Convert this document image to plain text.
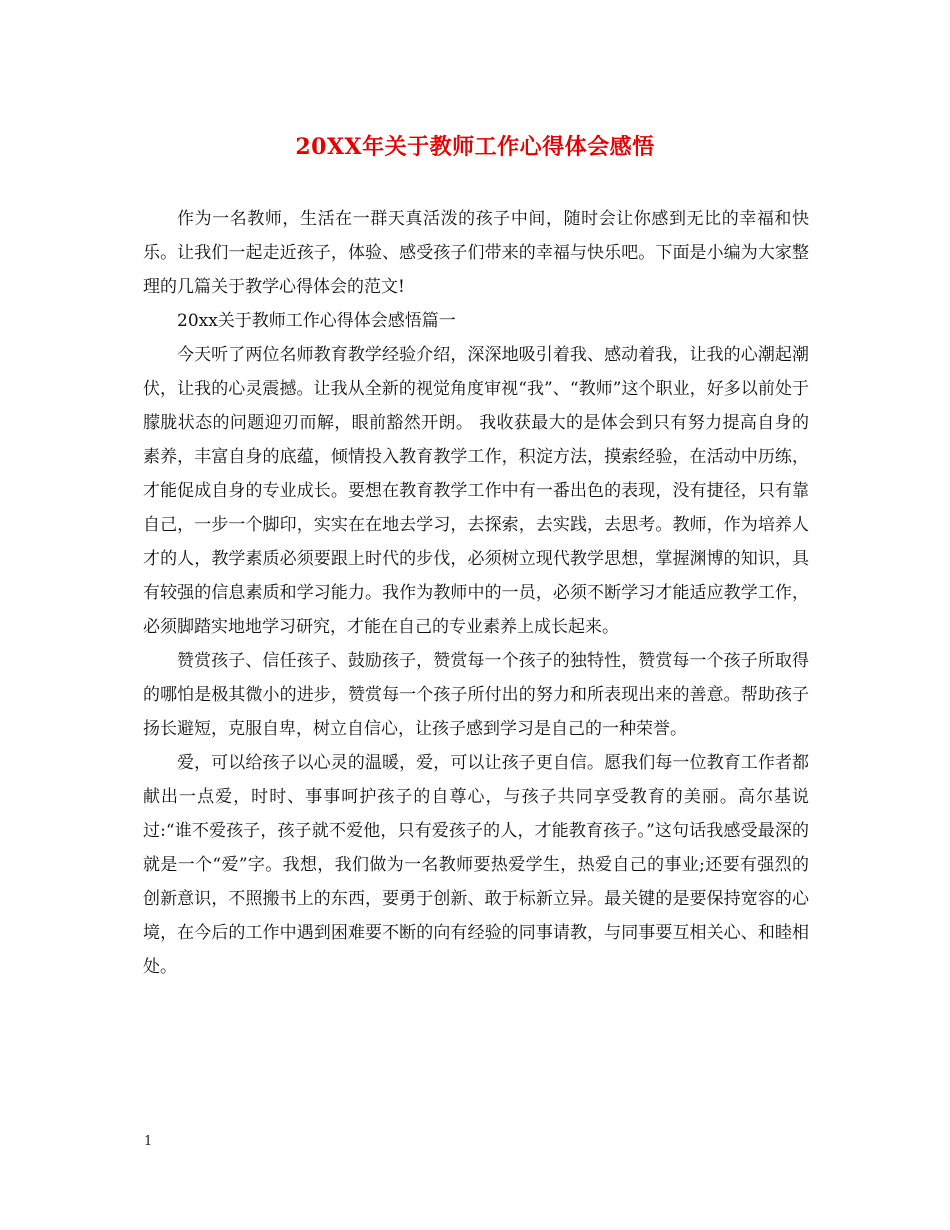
20XX年关于教师工作心得体会感悟

作为一名教师，生活在一群天真活泼的孩子中间，随时会让你感到无比的幸福和快乐。让我们一起走近孩子，体验、感受孩子们带来的幸福与快乐吧。下面是小编为大家整理的几篇关于教学心得体会的范文!

20xx关于教师工作心得体会感悟篇一

今天听了两位名师教育教学经验介绍，深深地吸引着我、感动着我，让我的心潮起潮伏，让我的心灵震撼。让我从全新的视觉角度审视“我”、“教师”这个职业，好多以前处于朦胧状态的问题迎刃而解，眼前豁然开朗。 我收获最大的是体会到只有努力提高自身的素养，丰富自身的底蕴，倾情投入教育教学工作，积淀方法，摸索经验，在活动中历练，才能促成自身的专业成长。要想在教育教学工作中有一番出色的表现，没有捷径，只有靠自己，一步一个脚印，实实在在地去学习，去探索，去实践，去思考。教师，作为培养人才的人，教学素质必须要跟上时代的步伐，必须树立现代教学思想，掌握渊博的知识，具有较强的信息素质和学习能力。我作为教师中的一员，必须不断学习才能适应教学工作，必须脚踏实地地学习研究，才能在自己的专业素养上成长起来。

赞赏孩子、信任孩子、鼓励孩子，赞赏每一个孩子的独特性，赞赏每一个孩子所取得的哪怕是极其微小的进步，赞赏每一个孩子所付出的努力和所表现出来的善意。帮助孩子扬长避短，克服自卑，树立自信心，让孩子感到学习是自己的一种荣誉。

爱，可以给孩子以心灵的温暖，爱，可以让孩子更自信。愿我们每一位教育工作者都献出一点爱，时时、事事呵护孩子的自尊心，与孩子共同享受教育的美丽。高尔基说过:“谁不爱孩子，孩子就不爱他，只有爱孩子的人，才能教育孩子。”这句话我感受最深的就是一个“爱”字。我想，我们做为一名教师要热爱学生，热爱自己的事业;还要有强烈的创新意识，不照搬书上的东西，要勇于创新、敢于标新立异。最关键的是要保持宽容的心境，在今后的工作中遇到困难要不断的向有经验的同事请教，与同事要互相关心、和睦相处。

1
